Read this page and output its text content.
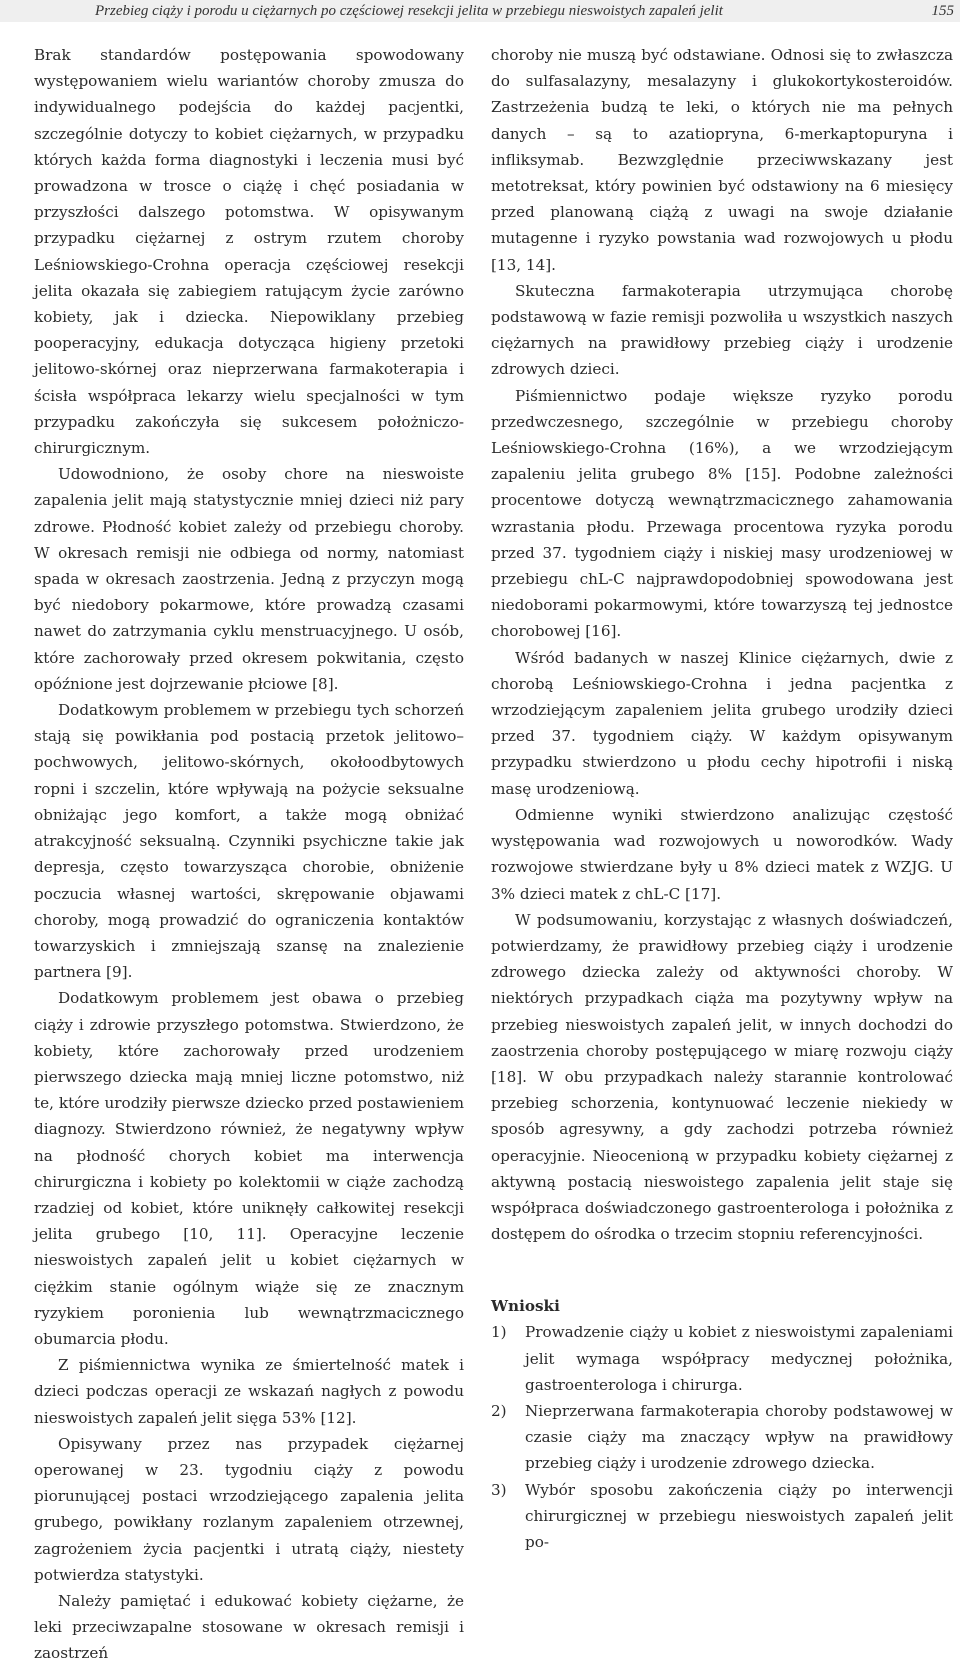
Przebieg ciąży i porodu u ciężarnych po częściowej resekcji jelita w przebiegu nieswoistych zapaleń jelit	155

Brak standardów postępowania spowodowany występowaniem wielu wariantów choroby zmusza do indywidualnego podejścia do każdej pacjentki, szczególnie dotyczy to kobiet ciężarnych, w przypadku których każda forma diagnostyki i leczenia musi być prowadzona w trosce o ciążę i chęć posiadania w przyszłości dalszego potomstwa. W opisywanym przypadku ciężarnej z ostrym rzutem choroby Leśniowskiego-Crohna operacja częściowej resekcji jelita okazała się zabiegiem ratującym życie zarówno kobiety, jak i dziecka. Niepowiklany przebieg pooperacyjny, edukacja dotycząca higieny przetoki jelitowo-skórnej oraz nieprzerwana farmakoterapia i ścisła współpraca lekarzy wielu specjalności w tym przypadku zakończyła się sukcesem położniczo-chirurgicznym.

Udowodniono, że osoby chore na nieswoiste zapalenia jelit mają statystycznie mniej dzieci niż pary zdrowe. Płodność kobiet zależy od przebiegu choroby. W okresach remisji nie odbiega od normy, natomiast spada w okresach zaostrzenia. Jedną z przyczyn mogą być niedobory pokarmowe, które prowadzą czasami nawet do zatrzymania cyklu menstruacyjnego. U osób, które zachorowały przed okresem pokwitania, często opóźnione jest dojrzewanie płciowe [8].

Dodatkowym problemem w przebiegu tych schorzeń stają się powikłania pod postacią przetok jelitowo–pochwowych, jelitowo-skórnych, okołoodbytowych ropni i szczelin, które wpływają na pożycie seksualne obniżając jego komfort, a także mogą obniżać atrakcyjność seksualną. Czynniki psychiczne takie jak depresja, często towarzysząca chorobie, obniżenie poczucia własnej wartości, skrępowanie objawami choroby, mogą prowadzić do ograniczenia kontaktów towarzyskich i zmniejszają szansę na znalezienie partnera [9].

Dodatkowym problemem jest obawa o przebieg ciąży i zdrowie przyszłego potomstwa. Stwierdzono, że kobiety, które zachorowały przed urodzeniem pierwszego dziecka mają mniej liczne potomstwo, niż te, które urodziły pierwsze dziecko przed postawieniem diagnozy. Stwierdzono również, że negatywny wpływ na płodność chorych kobiet ma interwencja chirurgiczna i kobiety po kolektomii w ciąże zachodzą rzadziej od kobiet, które uniknęły całkowitej resekcji jelita grubego [10, 11]. Operacyjne leczenie nieswoistych zapaleń jelit u kobiet ciężarnych w ciężkim stanie ogólnym wiąże się ze znacznym ryzykiem poronienia lub wewnątrzmacicznego obumarcia płodu.

Z piśmiennictwa wynika ze śmiertelność matek i dzieci podczas operacji ze wskazań nagłych z powodu nieswoistych zapaleń jelit sięga 53% [12].

Opisywany przez nas przypadek ciężarnej operowanej w 23. tygodniu ciąży z powodu piorunującej postaci wrzodziejącego zapalenia jelita grubego, powikłany rozlanym zapaleniem otrzewnej, zagrożeniem życia pacjentki i utratą ciąży, niestety potwierdza statystyki.

Należy pamiętać i edukować kobiety ciężarne, że leki przeciwzapalne stosowane w okresach remisji i zaostrzeń

choroby nie muszą być odstawiane. Odnosi się to zwłaszcza do sulfasalazyny, mesalazyny i glukokortykosteroidów. Zastrzeżenia budzą te leki, o których nie ma pełnych danych – są to azatiopryna, 6-merkaptopuryna i infliksymab. Bezwzględnie przeciwwskazany jest metotreksat, który powinien być odstawiony na 6 miesięcy przed planowaną ciążą z uwagi na swoje działanie mutagenne i ryzyko powstania wad rozwojowych u płodu [13, 14].

Skuteczna farmakoterapia utrzymująca chorobę podstawową w fazie remisji pozwoliła u wszystkich naszych ciężarnych na prawidłowy przebieg ciąży i urodzenie zdrowych dzieci.

Piśmiennictwo podaje większe ryzyko porodu przedwczesnego, szczególnie w przebiegu choroby Leśniowskiego-Crohna (16%), a we wrzodziejącym zapaleniu jelita grubego 8% [15]. Podobne zależności procentowe dotyczą wewnątrzmacicznego zahamowania wzrastania płodu. Przewaga procentowa ryzyka porodu przed 37. tygodniem ciąży i niskiej masy urodzeniowej w przebiegu chL-C najprawdopodobniej spowodowana jest niedoborami pokarmowymi, które towarzyszą tej jednostce chorobowej [16].

Wśród badanych w naszej Klinice ciężarnych, dwie z chorobą Leśniowskiego-Crohna i jedna pacjentka z wrzodziejącym zapaleniem jelita grubego urodziły dzieci przed 37. tygodniem ciąży. W każdym opisywanym przypadku stwierdzono u płodu cechy hipotrofii i niską masę urodzeniową.

Odmienne wyniki stwierdzono analizując częstość występowania wad rozwojowych u noworodków. Wady rozwojowe stwierdzane były u 8% dzieci matek z WZJG. U 3% dzieci matek z chL-C [17].

W podsumowaniu, korzystając z własnych doświadczeń, potwierdzamy, że prawidłowy przebieg ciąży i urodzenie zdrowego dziecka zależy od aktywności choroby. W niektórych przypadkach ciąża ma pozytywny wpływ na przebieg nieswoistych zapaleń jelit, w innych dochodzi do zaostrzenia choroby postępującego w miarę rozwoju ciąży [18]. W obu przypadkach należy starannie kontrolować przebieg schorzenia, kontynuować leczenie niekiedy w sposób agresywny, a gdy zachodzi potrzeba również operacyjnie. Nieocenioną w przypadku kobiety ciężarnej z aktywną postacią nieswoistego zapalenia jelit staje się współpraca doświadczonego gastroenterologa i położnika z dostępem do ośrodka o trzecim stopniu referencyjności.

Wnioski
1) Prowadzenie ciąży u kobiet z nieswoistymi zapaleniami jelit wymaga współpracy medycznej położnika, gastroenterologa i chirurga.
2) Nieprzerwana farmakoterapia choroby podstawowej w czasie ciąży ma znaczący wpływ na prawidłowy przebieg ciąży i urodzenie zdrowego dziecka.
3) Wybór sposobu zakończenia ciąży po interwencji chirurgicznej w przebiegu nieswoistych zapaleń jelit po-
